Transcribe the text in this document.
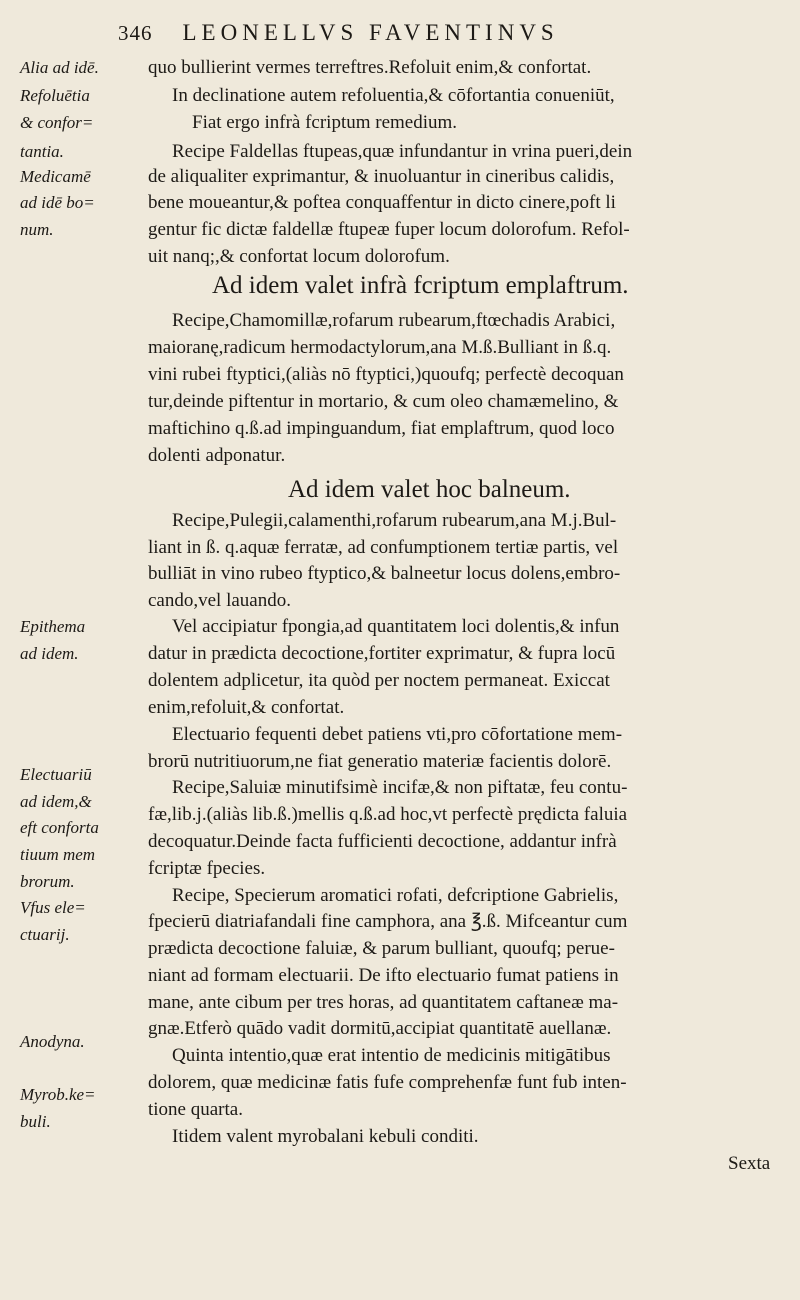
346 LEONELLVS FAVENTINVS
Alia ad idē.
Refoluētia
& confor=
tantia.
Medicamē
ad idē bo=
num.
Epithema
ad idem.
Electuariū
ad idem,&
eft conforta
tiuum mem
brorum.
Vfus ele=
ctuarij.
Anodyna.
Myrob.ke=
buli.
quo bullierint vermes terreftres.Refoluit enim,& confortat.
In declinatione autem refoluentia,& cōfortantia conueniūt,
Fiat ergo infrà fcriptum remedium.
Recipe Faldellas ftupeas,quæ infundantur in vrina pueri,dein
de aliqualiter exprimantur, & inuoluantur in cineribus calidis,
bene moueantur,& poftea conquaffentur in dicto cinere,poft li
gentur fic dictæ faldellæ ftupeæ fuper locum dolorofum. Refol-
uit nanq;,& confortat locum dolorofum.
Ad idem valet infrà fcriptum emplaftrum.
Recipe,Chamomillæ,rofarum rubearum,ftœchadis Arabici,
maioranę,radicum hermodactylorum,ana M.ß.Bulliant in ß.q.
vini rubei ftyptici,(aliàs nō ftyptici,)quoufq; perfectè decoquan
tur,deinde piftentur in mortario, & cum oleo chamæmelino, &
maftichino q.ß.ad impinguandum, fiat emplaftrum, quod loco
dolenti adponatur.
Ad idem valet hoc balneum.
Recipe,Pulegii,calamenthi,rofarum rubearum,ana M.j.Bul-
liant in ß. q.aquæ ferratæ, ad confumptionem tertiæ partis, vel
bulliāt in vino rubeo ftyptico,& balneetur locus dolens,embro-
cando,vel lauando.
Vel accipiatur fpongia,ad quantitatem loci dolentis,& infun
datur in prædicta decoctione,fortiter exprimatur, & fupra locū
dolentem adplicetur, ita quòd per noctem permaneat. Exiccat
enim,refoluit,& confortat.
Electuario fequenti debet patiens vti,pro cōfortatione mem-
brorū nutritiuorum,ne fiat generatio materiæ facientis dolorē.
Recipe,Saluiæ minutifsimè incifæ,& non piftatæ, feu contu-
fæ,lib.j.(aliàs lib.ß.)mellis q.ß.ad hoc,vt perfectè prędicta faluia
decoquatur.Deinde facta fufficienti decoctione, addantur infrà
fcriptæ fpecies.
Recipe, Specierum aromatici rofati, defcriptione Gabrielis,
fpecierū diatriafandali fine camphora, ana ℥.ß. Mifceantur cum
prædicta decoctione faluiæ, & parum bulliant, quoufq; perue-
niant ad formam electuarii. De ifto electuario fumat patiens in
mane, ante cibum per tres horas, ad quantitatem caftaneæ ma-
gnæ.Etferò quādo vadit dormitū,accipiat quantitatē auellanæ.
Quinta intentio,quæ erat intentio de medicinis mitigātibus
dolorem, quæ medicinæ fatis fufe comprehenfæ funt fub inten-
tione quarta.
Itidem valent myrobalani kebuli conditi.
Sexta
